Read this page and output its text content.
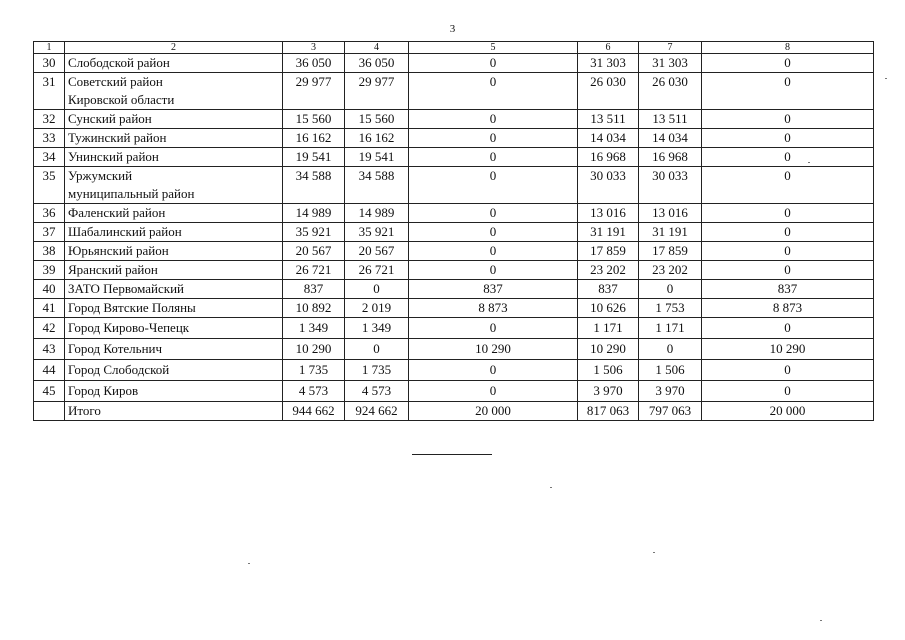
3
1	2	3	4	5	6	7	8
30	Слободской район	36 050	36 050	0	31 303	31 303	0
31	Советский район
Кировской области	29 977	29 977	0	26 030	26 030	0
32	Сунский район	15 560	15 560	0	13 511	13 511	0
33	Тужинский район	16 162	16 162	0	14 034	14 034	0
34	Унинский район	19 541	19 541	0	16 968	16 968	0
35	Уржумский
муниципальный район	34 588	34 588	0	30 033	30 033	0
36	Фаленский район	14 989	14 989	0	13 016	13 016	0
37	Шабалинский район	35 921	35 921	0	31 191	31 191	0
38	Юрьянский район	20 567	20 567	0	17 859	17 859	0
39	Яранский район	26 721	26 721	0	23 202	23 202	0
40	ЗАТО Первомайский	837	0	837	837	0	837
41	Город Вятские Поляны	10 892	2 019	8 873	10 626	1 753	8 873
42	Город Кирово-Чепецк	1 349	1 349	0	1 171	1 171	0
43	Город Котельнич	10 290	0	10 290	10 290	0	10 290
44	Город Слободской	1 735	1 735	0	1 506	1 506	0
45	Город Киров	4 573	4 573	0	3 970	3 970	0

	Итого	944 662	924 662	20 000	817 063	797 063	20 000
